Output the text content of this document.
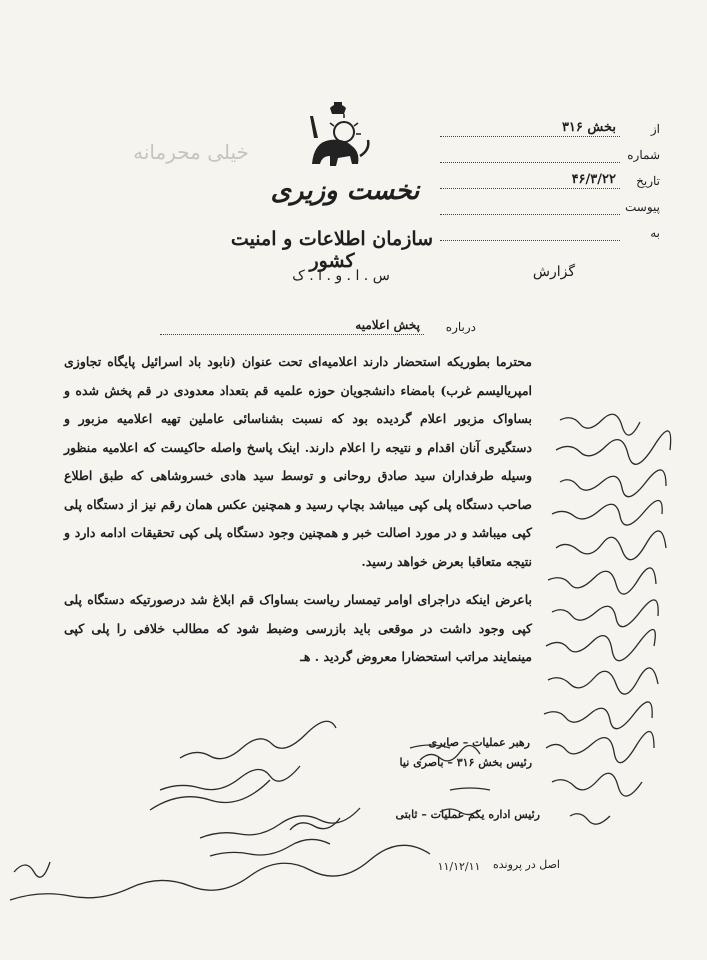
خیلی محرمانه
نخست وزیری
سازمان اطلاعات و امنیت کشور
س . ا . و . ا . ک
از
بخش ۳۱۶
شماره
تاریخ
۴۶/۳/۲۲
پیوست
به
گزارش
درباره
پخش اعلامیه

محترما بطوریکه استحضار دارند اعلامیه‌ای تحت عنوان (نابود باد اسرائیل پایگاه تجاوزی امپریالیسم غرب) بامضاء دانشجویان حوزه علمیه قم بتعداد معدودی در قم پخش شده و بساواک مزبور اعلام گردیده بود که نسبت بشناسائی عاملین تهیه اعلامیه مزبور و دستگیری آنان اقدام و نتیجه را اعلام دارند. اینک پاسخ واصله حاکیست که اعلامیه منظور وسیله طرفداران سید صادق روحانی و توسط سید هادی خسروشاهی که طبق اطلاع صاحب دستگاه پلی کپی میباشد بچاپ رسید و همچنین عکس همان رقم نیز از دستگاه پلی کپی میباشد و در مورد اصالت خبر و همچنین وجود دستگاه پلی کپی تحقیقات ادامه دارد و نتیجه متعاقبا بعرض خواهد رسید.

باعرض اینکه دراجرای اوامر تیمسار ریاست بساواک قم ابلاغ شد درصورتیکه دستگاه پلی کپی وجود داشت در موقعی باید بازرسی وضبط شود که مطالب خلافی را پلی کپی مینمایند مراتب استحضارا معروض گردید . هـ

رهبر عملیات – صابری
رئیس بخش ۳۱۶ – باصری نیا
رئیس اداره یکم عملیات – ثابتی
اصل در پرونده
۱۱/۱۲/۱۱
